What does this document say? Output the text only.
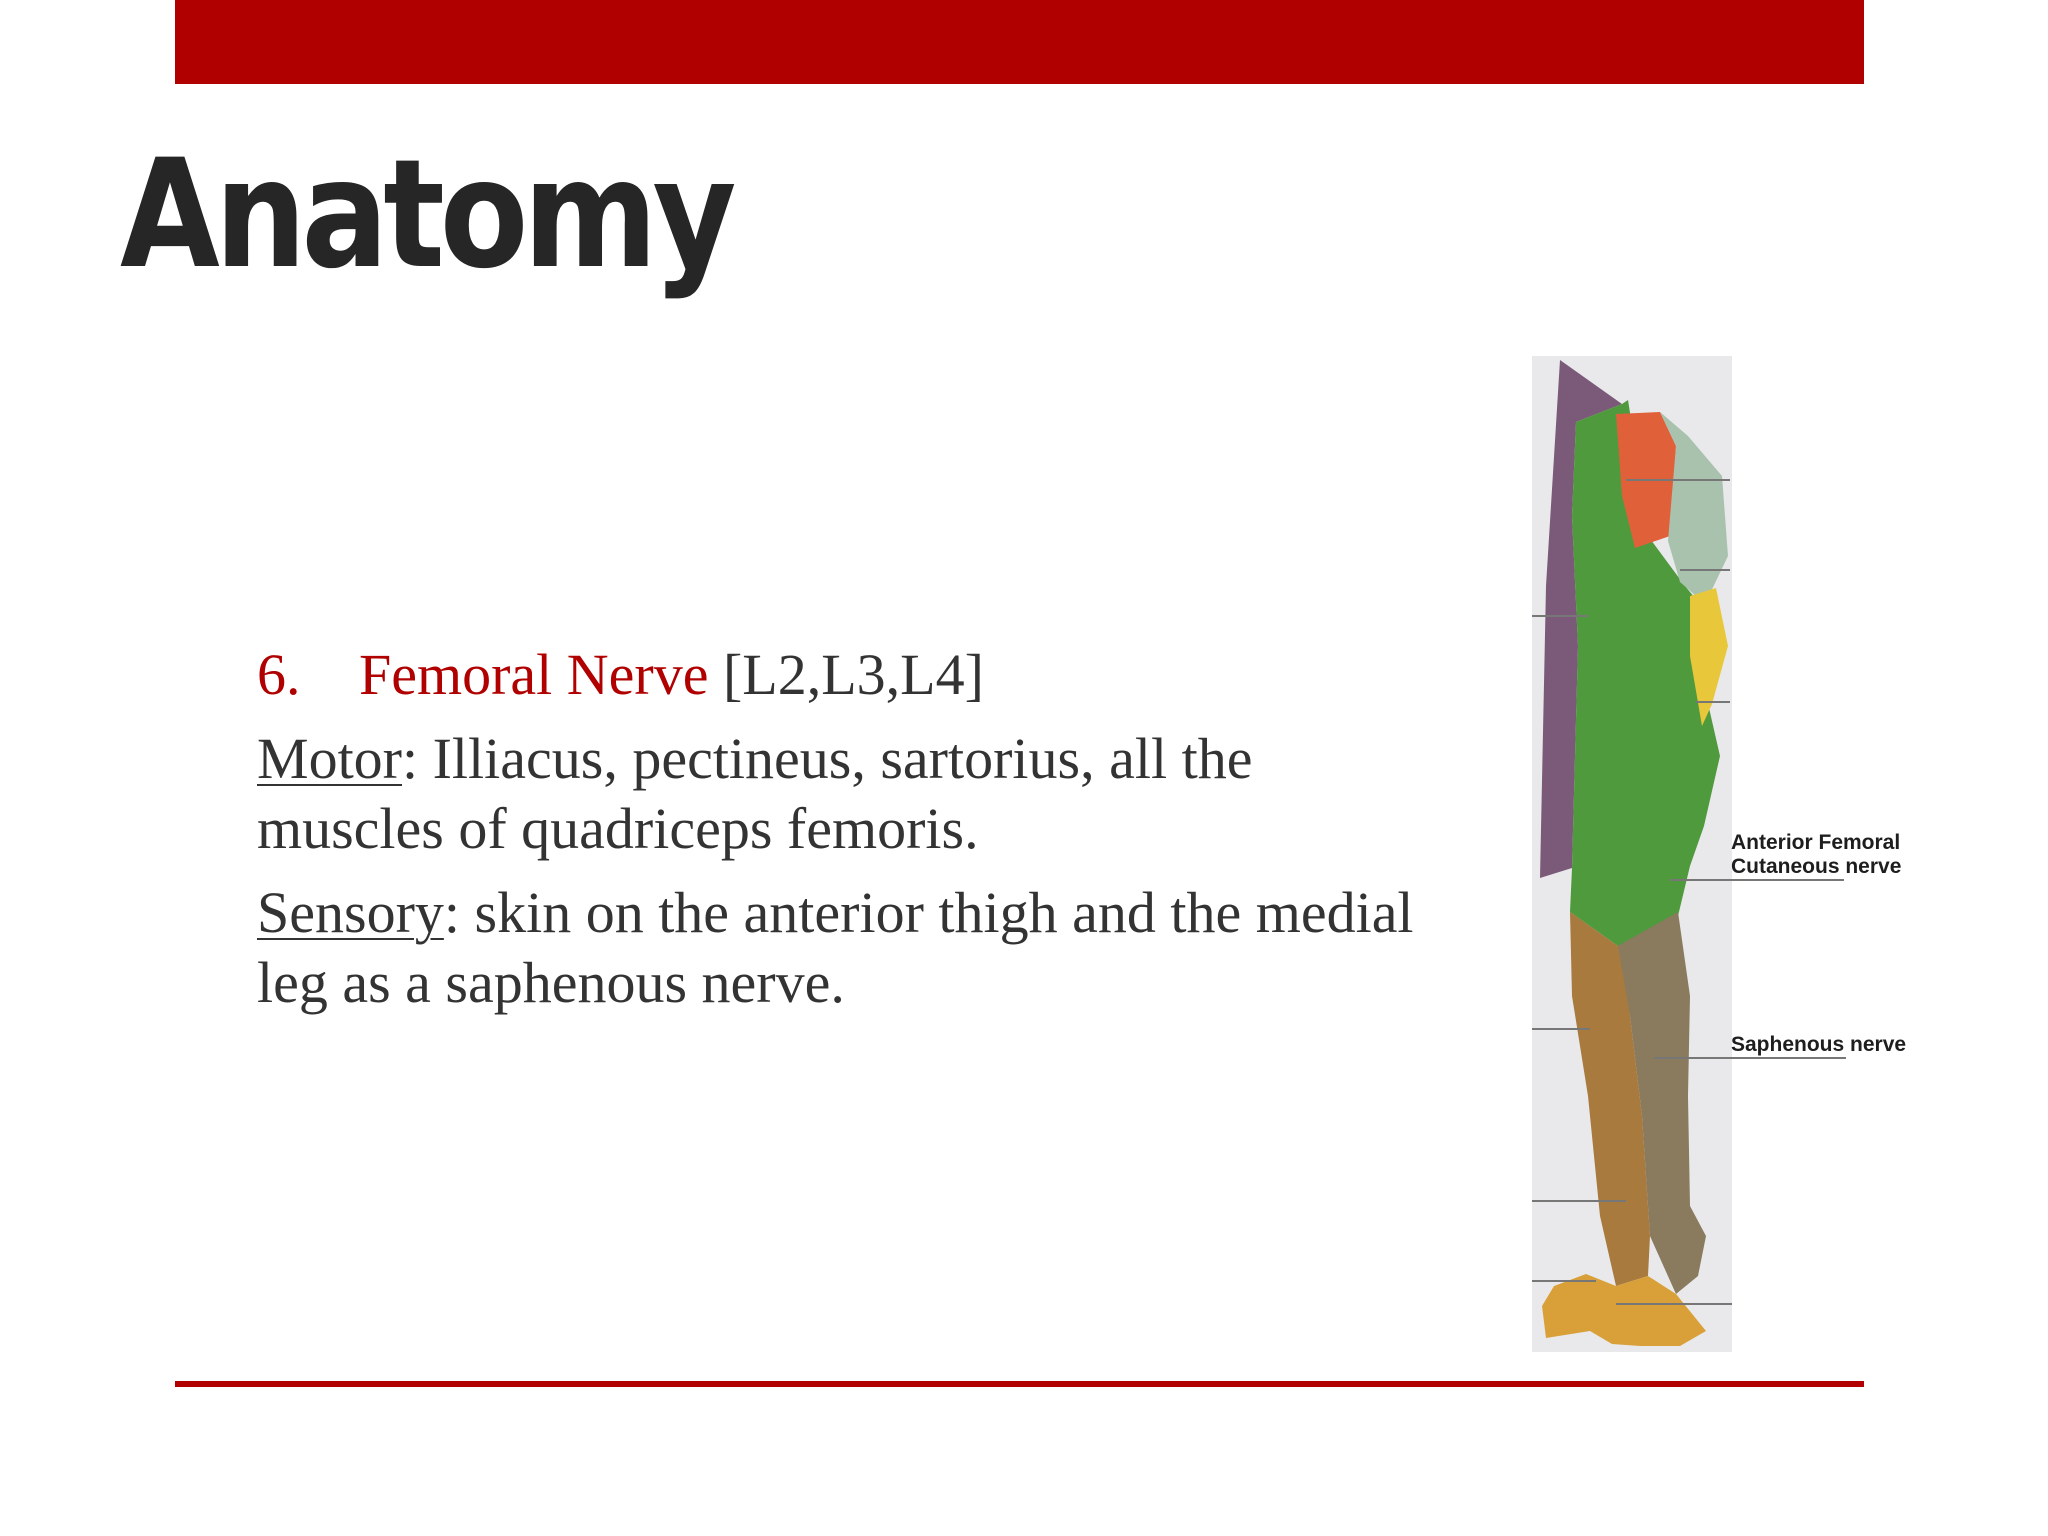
Anatomy

6. Femoral Nerve [L2,L3,L4]

Motor: Illiacus, pectineus, sartorius, all the muscles of quadriceps femoris.

Sensory: skin on the anterior thigh and the medial leg as a saphenous nerve.

Anterior Femoral
Cutaneous nerve
Saphenous nerve
